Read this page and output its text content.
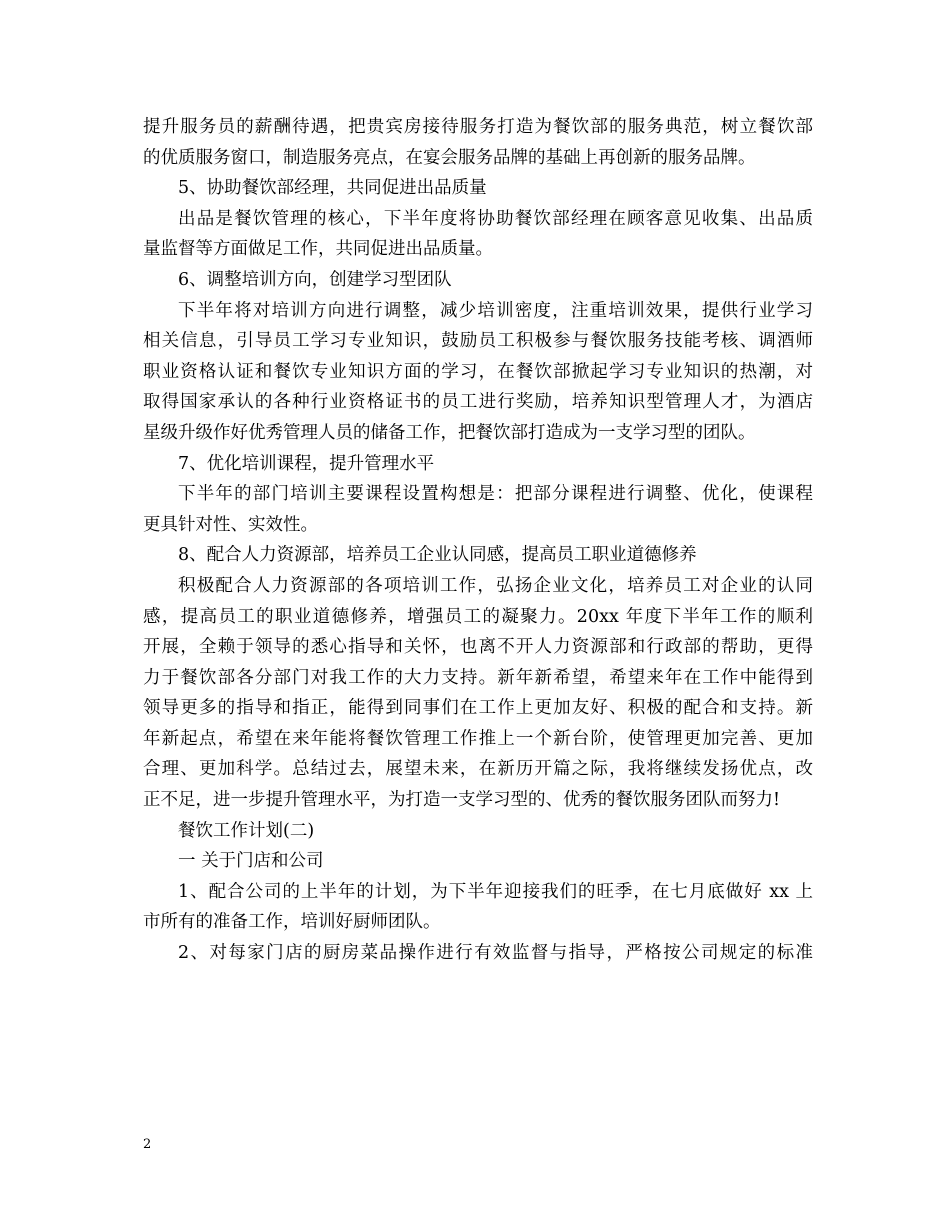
提升服务员的薪酬待遇，把贵宾房接待服务打造为餐饮部的服务典范，树立餐饮部
的优质服务窗口，制造服务亮点，在宴会服务品牌的基础上再创新的服务品牌。
5、协助餐饮部经理，共同促进出品质量
出品是餐饮管理的核心，下半年度将协助餐饮部经理在顾客意见收集、出品质
量监督等方面做足工作，共同促进出品质量。
6、调整培训方向，创建学习型团队
下半年将对培训方向进行调整，减少培训密度，注重培训效果，提供行业学习
相关信息，引导员工学习专业知识，鼓励员工积极参与餐饮服务技能考核、调酒师
职业资格认证和餐饮专业知识方面的学习，在餐饮部掀起学习专业知识的热潮，对
取得国家承认的各种行业资格证书的员工进行奖励，培养知识型管理人才，为酒店
星级升级作好优秀管理人员的储备工作，把餐饮部打造成为一支学习型的团队。
7、优化培训课程，提升管理水平
下半年的部门培训主要课程设置构想是：把部分课程进行调整、优化，使课程
更具针对性、实效性。
8、配合人力资源部，培养员工企业认同感，提高员工职业道德修养
积极配合人力资源部的各项培训工作，弘扬企业文化，培养员工对企业的认同
感，提高员工的职业道德修养，增强员工的凝聚力。20xx 年度下半年工作的顺利
开展，全赖于领导的悉心指导和关怀，也离不开人力资源部和行政部的帮助，更得
力于餐饮部各分部门对我工作的大力支持。新年新希望，希望来年在工作中能得到
领导更多的指导和指正，能得到同事们在工作上更加友好、积极的配合和支持。新
年新起点，希望在来年能将餐饮管理工作推上一个新台阶，使管理更加完善、更加
合理、更加科学。总结过去，展望未来，在新历开篇之际，我将继续发扬优点，改
正不足，进一步提升管理水平，为打造一支学习型的、优秀的餐饮服务团队而努力!
餐饮工作计划(二)
一 关于门店和公司
1、配合公司的上半年的计划，为下半年迎接我们的旺季，在七月底做好 xx 上
市所有的准备工作，培训好厨师团队。
2、对每家门店的厨房菜品操作进行有效监督与指导，严格按公司规定的标准
2
